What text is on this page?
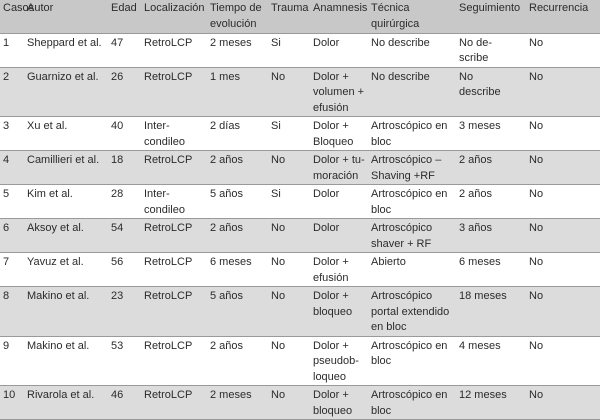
Casos	Autor	Edad	Localización	Tiempo de
evolución	Trauma	Anamnesis	Técnica quirúrgica	Seguimiento	Recurrencia
1	Sheppard et al.	47	RetroLCP	2 meses	Si	Dolor	No describe	No de-
scribe	No
2	Guarnizo et al.	26	RetroLCP	1 mes	No	Dolor +
volumen +
efusión	No describe	No
describe	No
3	Xu et al.	40	Inter-
condileo	2 días	Si	Dolor +
Bloqueo	Artroscópico en
bloc	3 meses	No
4	Camillieri et al.	18	RetroLCP	2 años	No	Dolor + tu-
moración	Artroscópico –
Shaving +RF	2 años	No
5	Kim et al.	28	Inter-
condileo	5 años	Si	Dolor	Artroscópico en
bloc	2 años	No
6	Aksoy et al.	54	RetroLCP	2 años	No	Dolor	Artroscópico
shaver + RF	3 años	No
7	Yavuz et al.	56	RetroLCP	6 meses	No	Dolor +
efusión	Abierto	6 meses	No
8	Makino et al.	23	RetroLCP	5 años	No	Dolor +
bloqueo	Artroscópico
portal extendido
en bloc	18 meses	No
9	Makino et al.	53	RetroLCP	2 años	No	Dolor +
pseudob-
loqueo	Artroscópico en
bloc	4 meses	No
10	Rivarola et al.	46	RetroLCP	2 meses	No	Dolor +
bloqueo	Artroscópico en
bloc	12 meses	No
